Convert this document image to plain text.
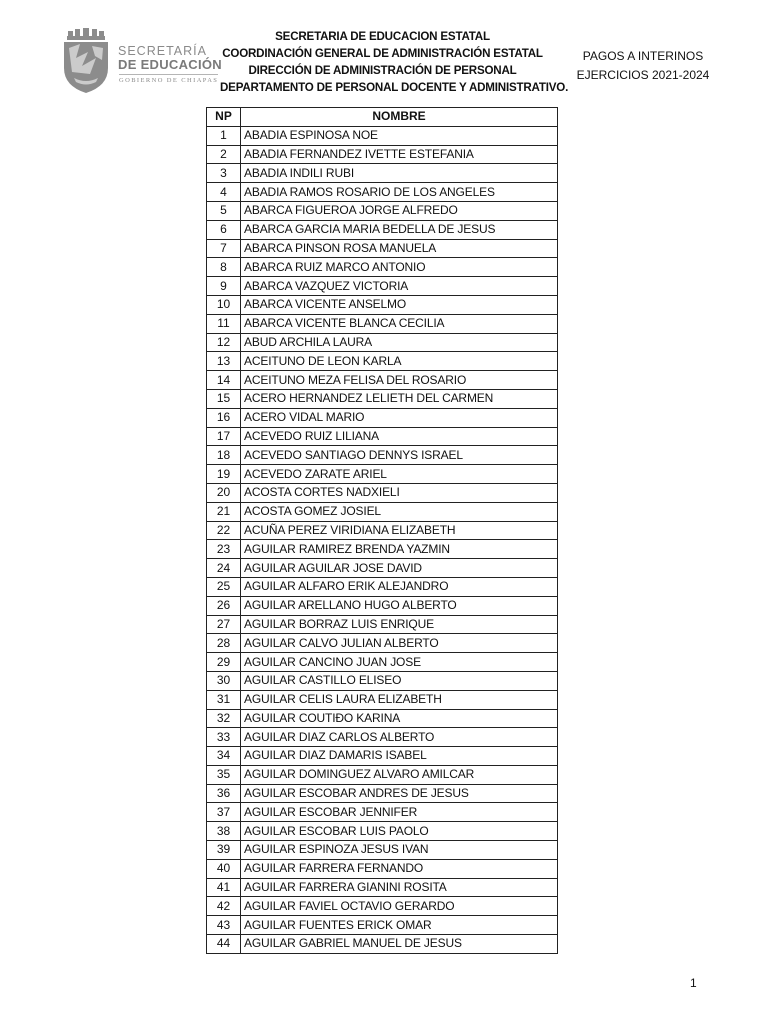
SECRETARÍA
DE EDUCACIÓN
GOBIERNO DE CHIAPAS
SECRETARIA DE EDUCACION ESTATAL
COORDINACIÓN GENERAL DE ADMINISTRACIÓN ESTATAL
DIRECCIÓN DE ADMINISTRACIÓN DE PERSONAL
DEPARTAMENTO DE PERSONAL DOCENTE Y ADMINISTRATIVO.
PAGOS A INTERINOS
EJERCICIOS 2021-2024
NP	NOMBRE
1	ABADIA ESPINOSA NOE
2	ABADIA FERNANDEZ IVETTE ESTEFANIA
3	ABADIA INDILI RUBI
4	ABADIA RAMOS ROSARIO DE LOS ANGELES
5	ABARCA FIGUEROA JORGE ALFREDO
6	ABARCA GARCIA MARIA BEDELLA DE JESUS
7	ABARCA PINSON ROSA MANUELA
8	ABARCA RUIZ MARCO ANTONIO
9	ABARCA VAZQUEZ VICTORIA
10	ABARCA VICENTE ANSELMO
11	ABARCA VICENTE BLANCA CECILIA
12	ABUD ARCHILA LAURA
13	ACEITUNO DE LEON KARLA
14	ACEITUNO MEZA FELISA DEL ROSARIO
15	ACERO HERNANDEZ LELIETH DEL CARMEN
16	ACERO VIDAL MARIO
17	ACEVEDO RUIZ LILIANA
18	ACEVEDO SANTIAGO DENNYS ISRAEL
19	ACEVEDO ZARATE ARIEL
20	ACOSTA CORTES NADXIELI
21	ACOSTA GOMEZ JOSIEL
22	ACUÑA PEREZ VIRIDIANA ELIZABETH
23	AGUILAR RAMIREZ BRENDA YAZMIN
24	AGUILAR AGUILAR JOSE DAVID
25	AGUILAR ALFARO ERIK ALEJANDRO
26	AGUILAR ARELLANO HUGO ALBERTO
27	AGUILAR BORRAZ LUIS ENRIQUE
28	AGUILAR CALVO JULIAN ALBERTO
29	AGUILAR CANCINO JUAN JOSE
30	AGUILAR CASTILLO ELISEO
31	AGUILAR CELIS LAURA ELIZABETH
32	AGUILAR COUTIÐO KARINA
33	AGUILAR DIAZ CARLOS ALBERTO
34	AGUILAR DIAZ DAMARIS ISABEL
35	AGUILAR DOMINGUEZ ALVARO AMILCAR
36	AGUILAR ESCOBAR ANDRES DE JESUS
37	AGUILAR ESCOBAR JENNIFER
38	AGUILAR ESCOBAR LUIS PAOLO
39	AGUILAR ESPINOZA JESUS IVAN
40	AGUILAR FARRERA FERNANDO
41	AGUILAR FARRERA GIANINI ROSITA
42	AGUILAR FAVIEL OCTAVIO GERARDO
43	AGUILAR FUENTES ERICK OMAR
44	AGUILAR GABRIEL MANUEL DE JESUS
1
